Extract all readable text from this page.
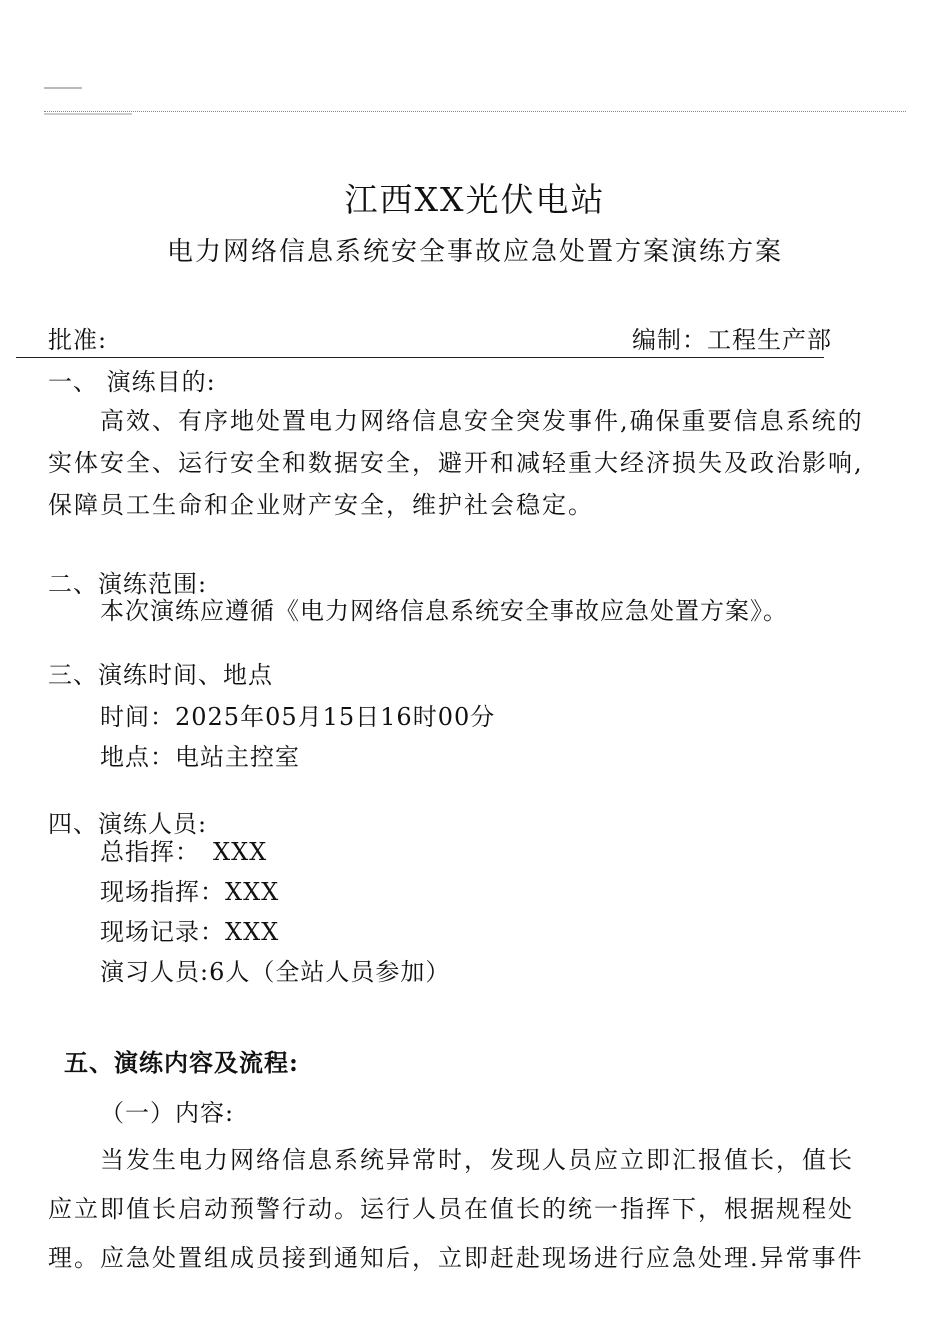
江西XX光伏电站
电力网络信息系统安全事故应急处置方案演练方案
批准:	编制：工程生产部
一、 演练目的:
高效、有序地处置电力网络信息安全突发事件,确保重要信息系统的
实体安全、运行安全和数据安全，避开和减轻重大经济损失及政治影响,
保障员工生命和企业财产安全，维护社会稳定。
二、演练范围:
本次演练应遵循《电力网络信息系统安全事故应急处置方案》。
三、演练时间、地点
时间：2025年05月15日16时00分
地点：电站主控室
四、演练人员:
总指挥：　XXX
现场指挥：XXX
现场记录：XXX
演习人员:6人（全站人员参加）
五、演练内容及流程:
（一）内容:
当发生电力网络信息系统异常时，发现人员应立即汇报值长，值长
应立即值长启动预警行动。运行人员在值长的统一指挥下，根据规程处
理。应急处置组成员接到通知后，立即赶赴现场进行应急处理.异常事件
